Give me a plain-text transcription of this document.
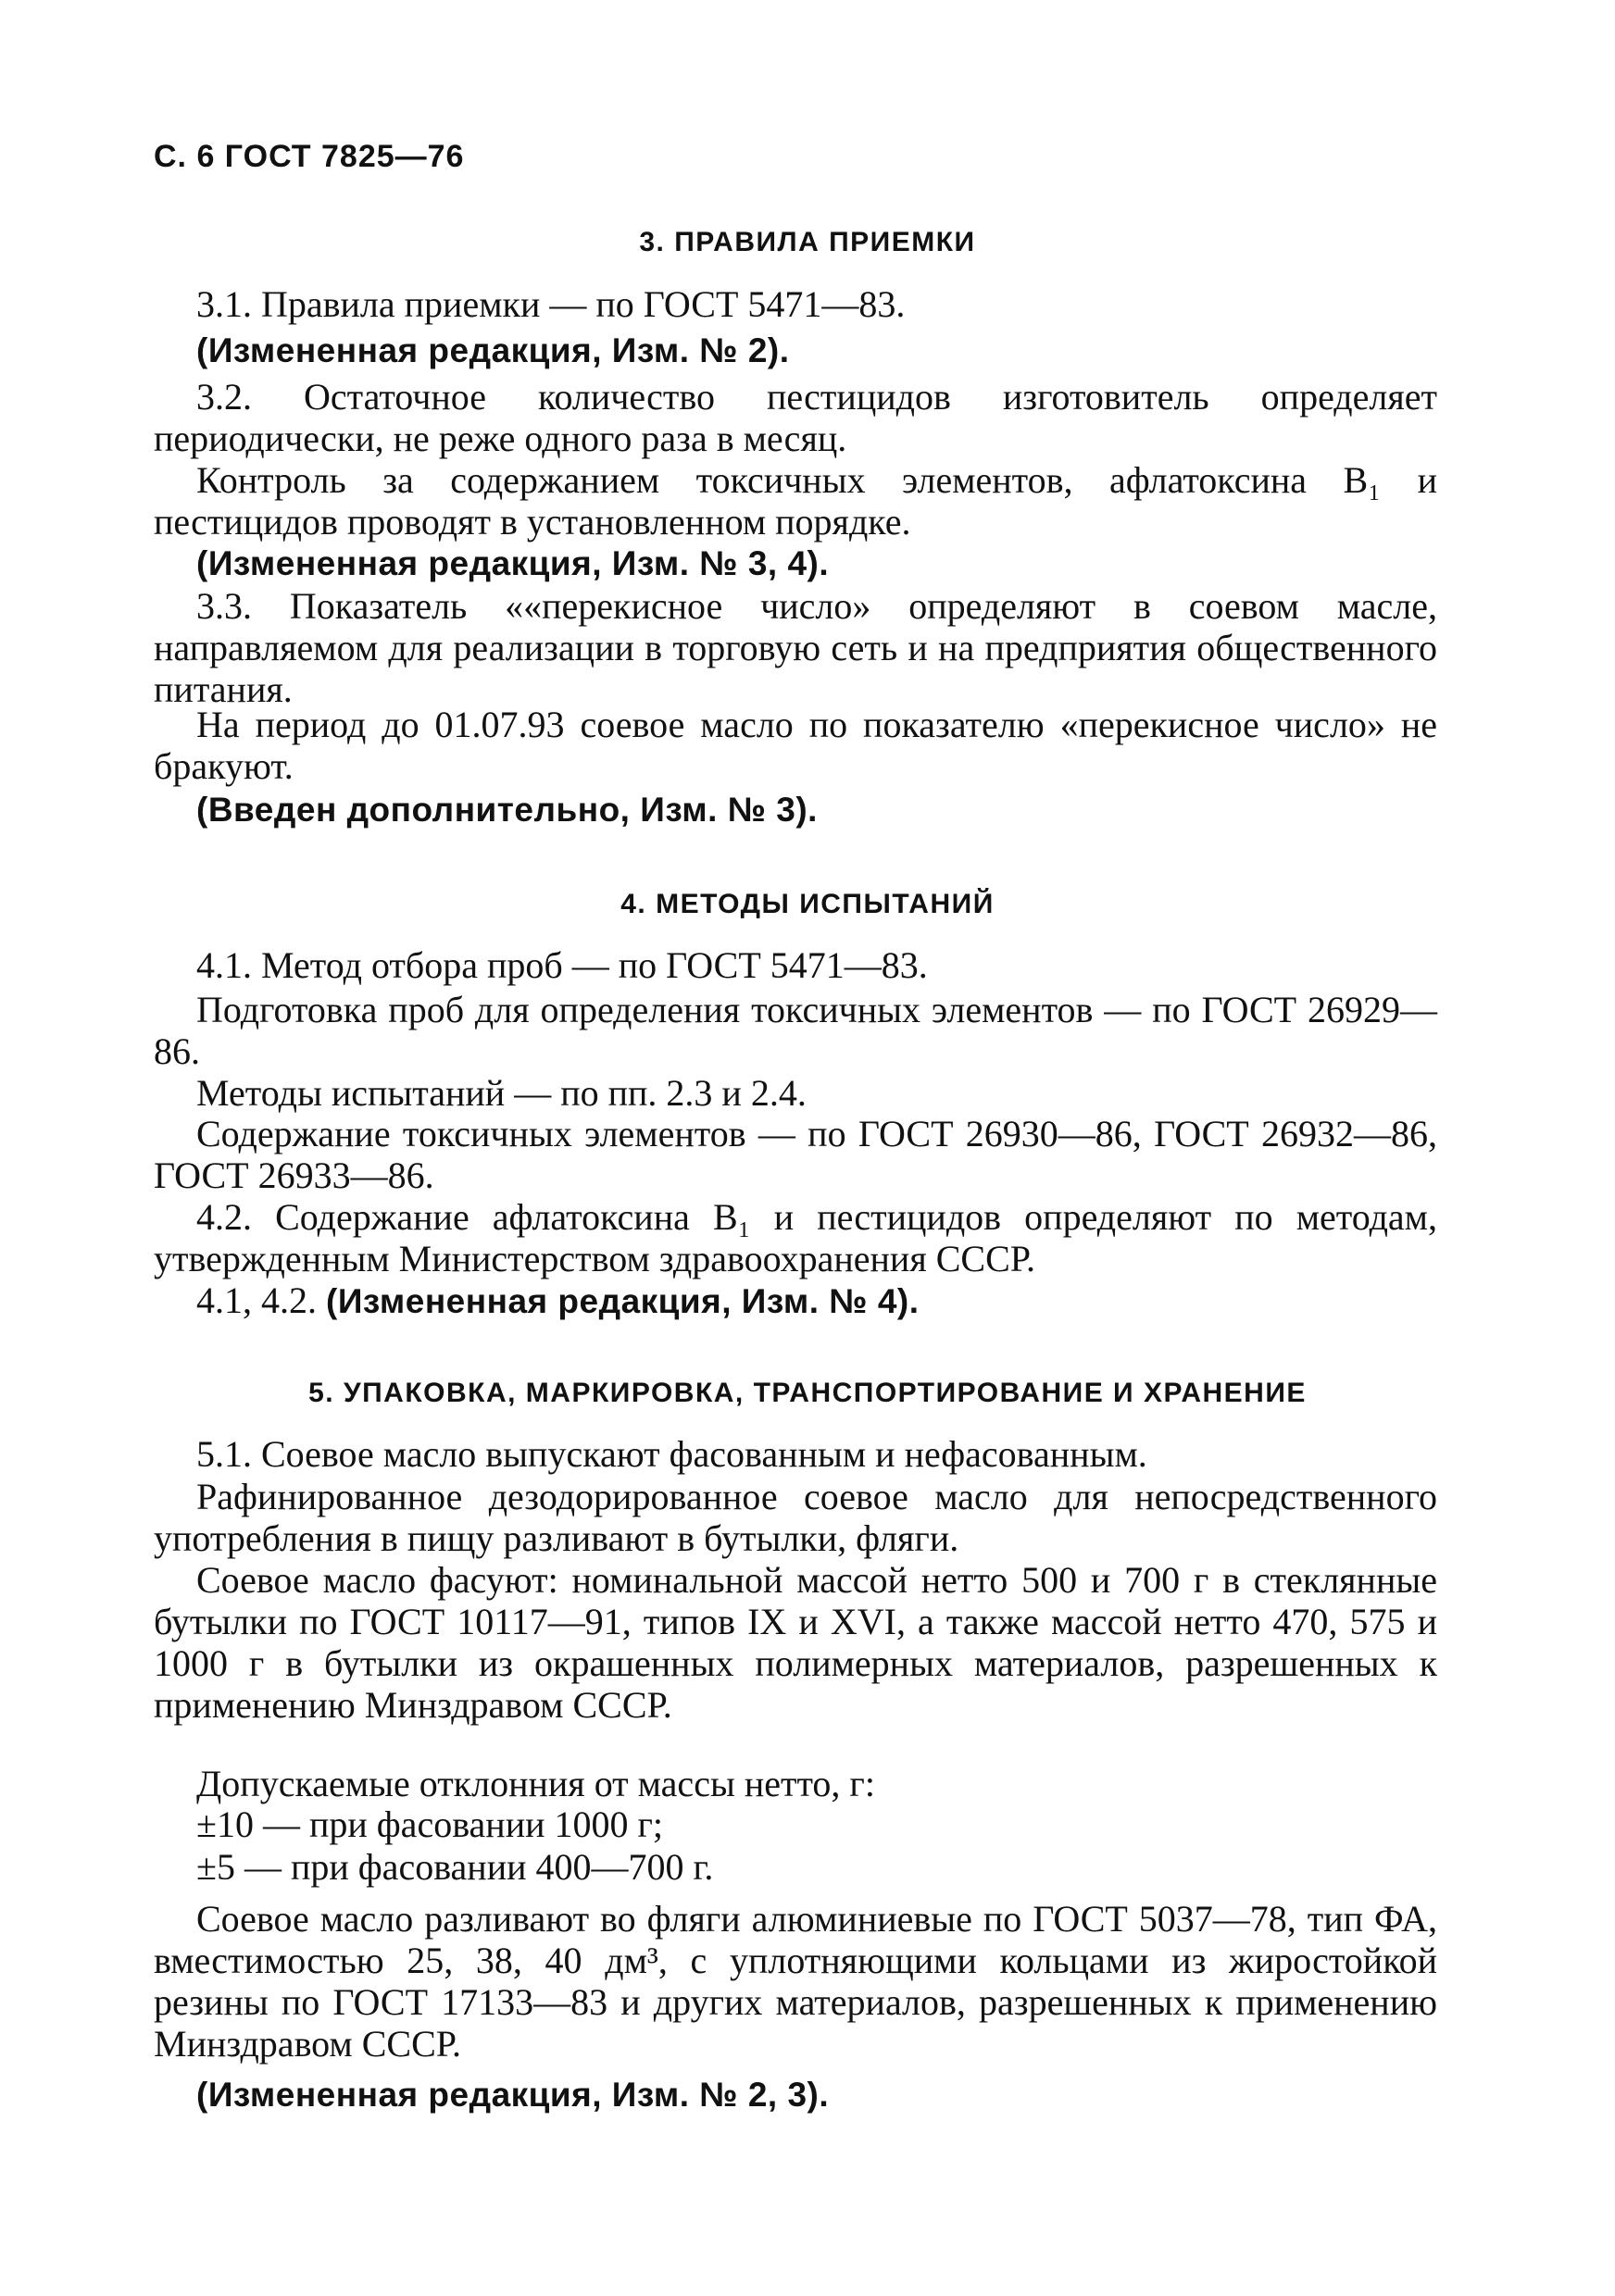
С. 6 ГОСТ 7825—76
3. ПРАВИЛА ПРИЕМКИ

3.1. Правила приемки — по ГОСТ 5471—83.

(Измененная редакция, Изм. № 2).

3.2. Остаточное количество пестицидов изготовитель определяет периодически, не реже одного раза в месяц.

Контроль за содержанием токсичных элементов, афлатоксина B₁ и пестицидов проводят в установленном порядке.

(Измененная редакция, Изм. № 3, 4).

3.3. Показатель ««перекисное число» определяют в соевом масле, направляемом для реализации в торговую сеть и на предприятия общественного питания.

На период до 01.07.93 соевое масло по показателю «перекисное число» не бракуют.

(Введен дополнительно, Изм. № 3).

4. МЕТОДЫ ИСПЫТАНИЙ

4.1. Метод отбора проб — по ГОСТ 5471—83.

Подготовка проб для определения токсичных элементов — по ГОСТ 26929—86.

Методы испытаний — по пп. 2.3 и 2.4.

Содержание токсичных элементов — по ГОСТ 26930—86, ГОСТ 26932—86, ГОСТ 26933—86.

4.2. Содержание афлатоксина B₁ и пестицидов определяют по методам, утвержденным Министерством здравоохранения СССР.

4.1, 4.2. (Измененная редакция, Изм. № 4).

5. УПАКОВКА, МАРКИРОВКА, ТРАНСПОРТИРОВАНИЕ И ХРАНЕНИЕ

5.1. Соевое масло выпускают фасованным и нефасованным.

Рафинированное дезодорированное соевое масло для непосредственного употребления в пищу разливают в бутылки, фляги.

Соевое масло фасуют: номинальной массой нетто 500 и 700 г в стеклянные бутылки по ГОСТ 10117—91, типов IX и XVI, а также массой нетто 470, 575 и 1000 г в бутылки из окрашенных полимерных материалов, разрешенных к применению Минздравом СССР.

Допускаемые отклонния от массы нетто, г:

±10 — при фасовании 1000 г;

±5 — при фасовании 400—700 г.

Соевое масло разливают во фляги алюминиевые по ГОСТ 5037—78, тип ФА, вместимостью 25, 38, 40 дм³, с уплотняющими кольцами из жиростойкой резины по ГОСТ 17133—83 и других материалов, разрешенных к применению Минздравом СССР.

(Измененная редакция, Изм. № 2, 3).
